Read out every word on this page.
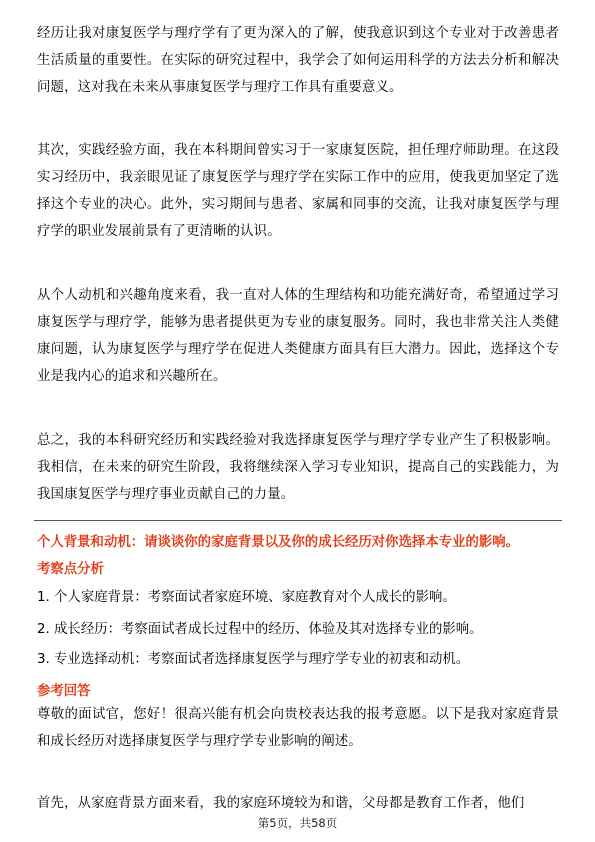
经历让我对康复医学与理疗学有了更为深入的了解，使我意识到这个专业对于改善患者生活质量的重要性。在实际的研究过程中，我学会了如何运用科学的方法去分析和解决问题，这对我在未来从事康复医学与理疗工作具有重要意义。

其次，实践经验方面，我在本科期间曾实习于一家康复医院，担任理疗师助理。在这段实习经历中，我亲眼见证了康复医学与理疗学在实际工作中的应用，使我更加坚定了选择这个专业的决心。此外，实习期间与患者、家属和同事的交流，让我对康复医学与理疗学的职业发展前景有了更清晰的认识。

从个人动机和兴趣角度来看，我一直对人体的生理结构和功能充满好奇，希望通过学习康复医学与理疗学，能够为患者提供更为专业的康复服务。同时，我也非常关注人类健康问题，认为康复医学与理疗学在促进人类健康方面具有巨大潜力。因此，选择这个专业是我内心的追求和兴趣所在。

总之，我的本科研究经历和实践经验对我选择康复医学与理疗学专业产生了积极影响。我相信，在未来的研究生阶段，我将继续深入学习专业知识，提高自己的实践能力，为我国康复医学与理疗事业贡献自己的力量。

个人背景和动机：请谈谈你的家庭背景以及你的成长经历对你选择本专业的影响。
考察点分析
1. 个人家庭背景：考察面试者家庭环境、家庭教育对个人成长的影响。
2. 成长经历：考察面试者成长过程中的经历、体验及其对选择专业的影响。
3. 专业选择动机：考察面试者选择康复医学与理疗学专业的初衷和动机。
参考回答

尊敬的面试官，您好！很高兴能有机会向贵校表达我的报考意愿。以下是我对家庭背景和成长经历对选择康复医学与理疗学专业影响的阐述。

首先，从家庭背景方面来看，我的家庭环境较为和谐，父母都是教育工作者，他们

第5页，共58页
